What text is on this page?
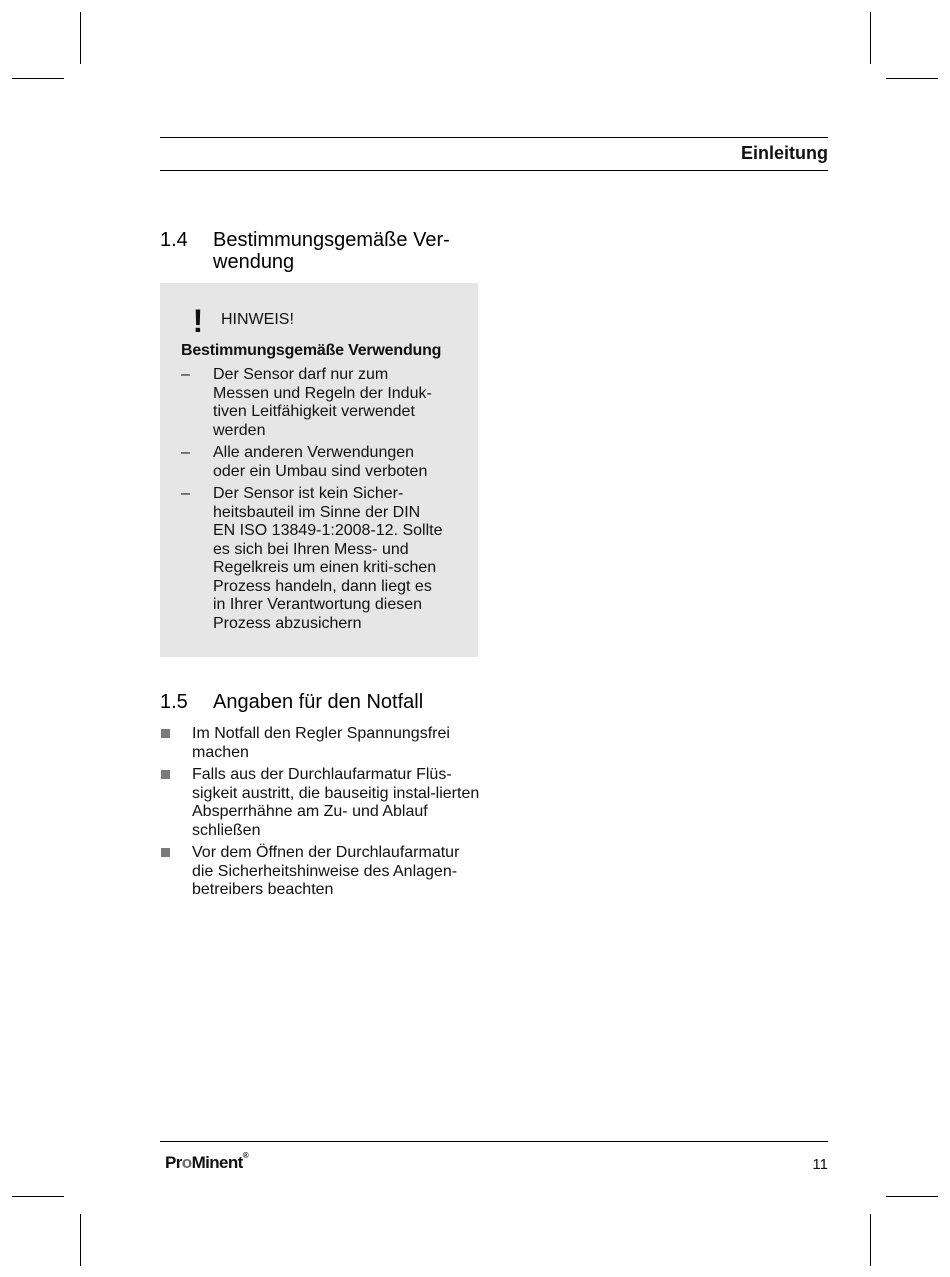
Einleitung
1.4 Bestimmungsgemäße Ver-wendung
! HINWEIS!
Bestimmungsgemäße Verwendung
– Der Sensor darf nur zum Messen und Regeln der Induk-tiven Leitfähigkeit verwendet werden
– Alle anderen Verwendungen oder ein Umbau sind verboten
– Der Sensor ist kein Sicher-heitsbauteil im Sinne der DIN EN ISO 13849-1:2008-12. Sollte es sich bei Ihren Mess- und Regelkreis um einen kriti-schen Prozess handeln, dann liegt es in Ihrer Verantwortung diesen Prozess abzusichern
1.5 Angaben für den Notfall
Im Notfall den Regler Spannungsfrei machen
Falls aus der Durchlaufarmatur Flüs-sigkeit austritt, die bauseitig instal-lierten Absperrhähne am Zu- und Ablauf schließen
Vor dem Öffnen der Durchlaufarmatur die Sicherheitshinweise des Anlagen-betreibers beachten
ProMinent®
11
